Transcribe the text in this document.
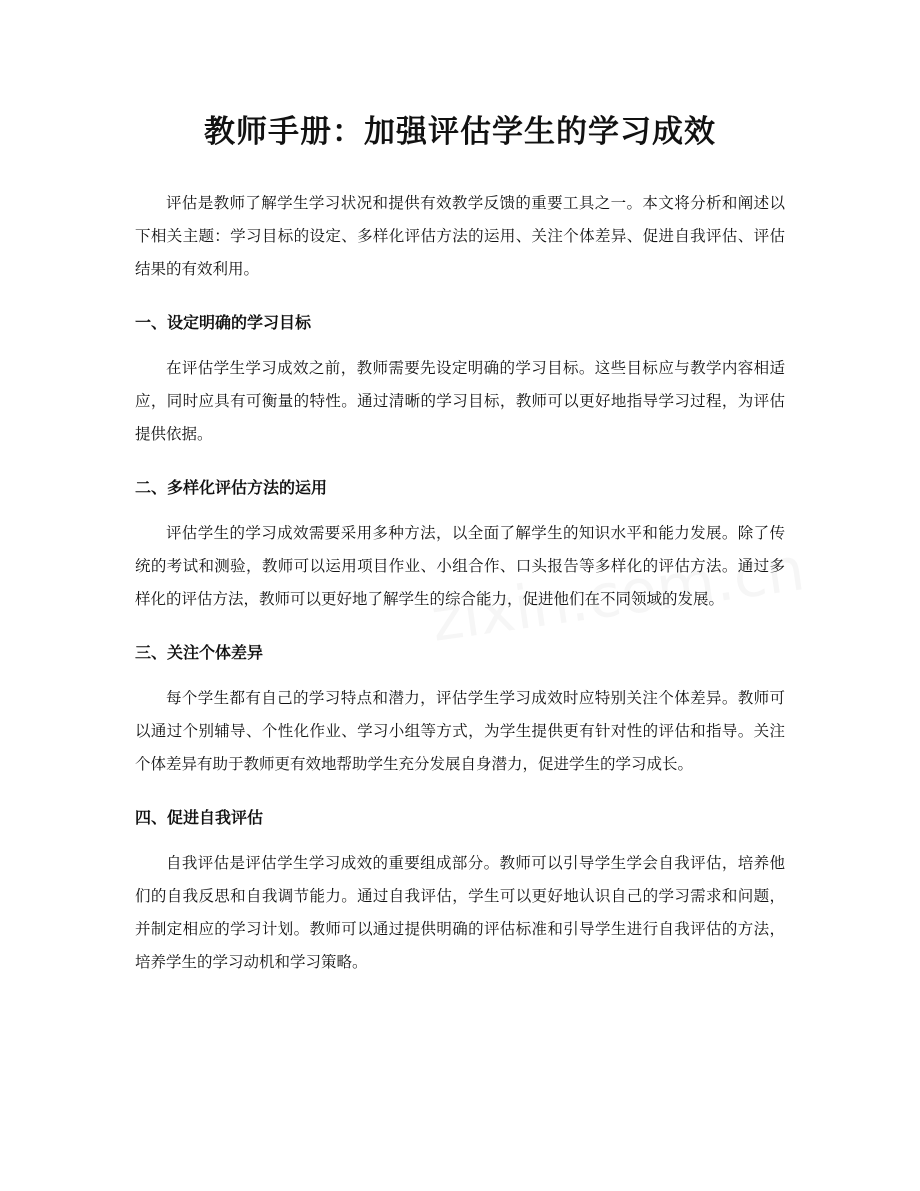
教师手册：加强评估学生的学习成效

评估是教师了解学生学习状况和提供有效教学反馈的重要工具之一。本文将分析和阐述以下相关主题：学习目标的设定、多样化评估方法的运用、关注个体差异、促进自我评估、评估结果的有效利用。

一、设定明确的学习目标

在评估学生学习成效之前，教师需要先设定明确的学习目标。这些目标应与教学内容相适应，同时应具有可衡量的特性。通过清晰的学习目标，教师可以更好地指导学习过程，为评估提供依据。

二、多样化评估方法的运用

评估学生的学习成效需要采用多种方法，以全面了解学生的知识水平和能力发展。除了传统的考试和测验，教师可以运用项目作业、小组合作、口头报告等多样化的评估方法。通过多样化的评估方法，教师可以更好地了解学生的综合能力，促进他们在不同领域的发展。

三、关注个体差异

每个学生都有自己的学习特点和潜力，评估学生学习成效时应特别关注个体差异。教师可以通过个别辅导、个性化作业、学习小组等方式，为学生提供更有针对性的评估和指导。关注个体差异有助于教师更有效地帮助学生充分发展自身潜力，促进学生的学习成长。

四、促进自我评估

自我评估是评估学生学习成效的重要组成部分。教师可以引导学生学会自我评估，培养他们的自我反思和自我调节能力。通过自我评估，学生可以更好地认识自己的学习需求和问题，并制定相应的学习计划。教师可以通过提供明确的评估标准和引导学生进行自我评估的方法，培养学生的学习动机和学习策略。
